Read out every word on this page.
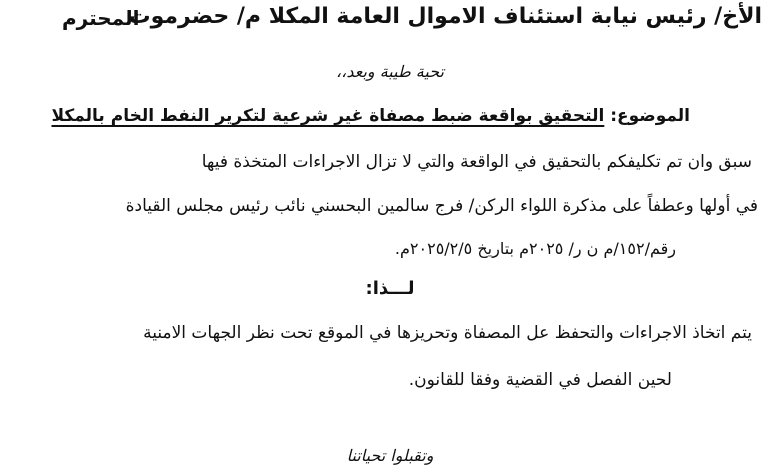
الأخ/ رئيس نيابة استئناف الاموال العامة المكلا م/ حضرموت
المحترم
تحية طيبة وبعد،،
الموضوع: التحقيق بواقعة ضبط مصفاة غير شرعية لتكرير النفط الخام بالمكلا
سبق وان تم تكليفكم بالتحقيق في الواقعة والتي لا تزال الاجراءات المتخذة فيها
في أولها وعطفاً على مذكرة اللواء الركن/ فرج سالمين البحسني نائب رئيس مجلس القيادة
رقم/١٥٢/م ن ر/ ٢٠٢٥م بتاريخ ٢٠٢٥/٢/٥م.
لـــذا:
يتم اتخاذ الاجراءات والتحفظ عل المصفاة وتحريزها في الموقع تحت نظر الجهات الامنية
لحين الفصل في القضية وفقا للقانون.
وتقبلوا تحياتنا
